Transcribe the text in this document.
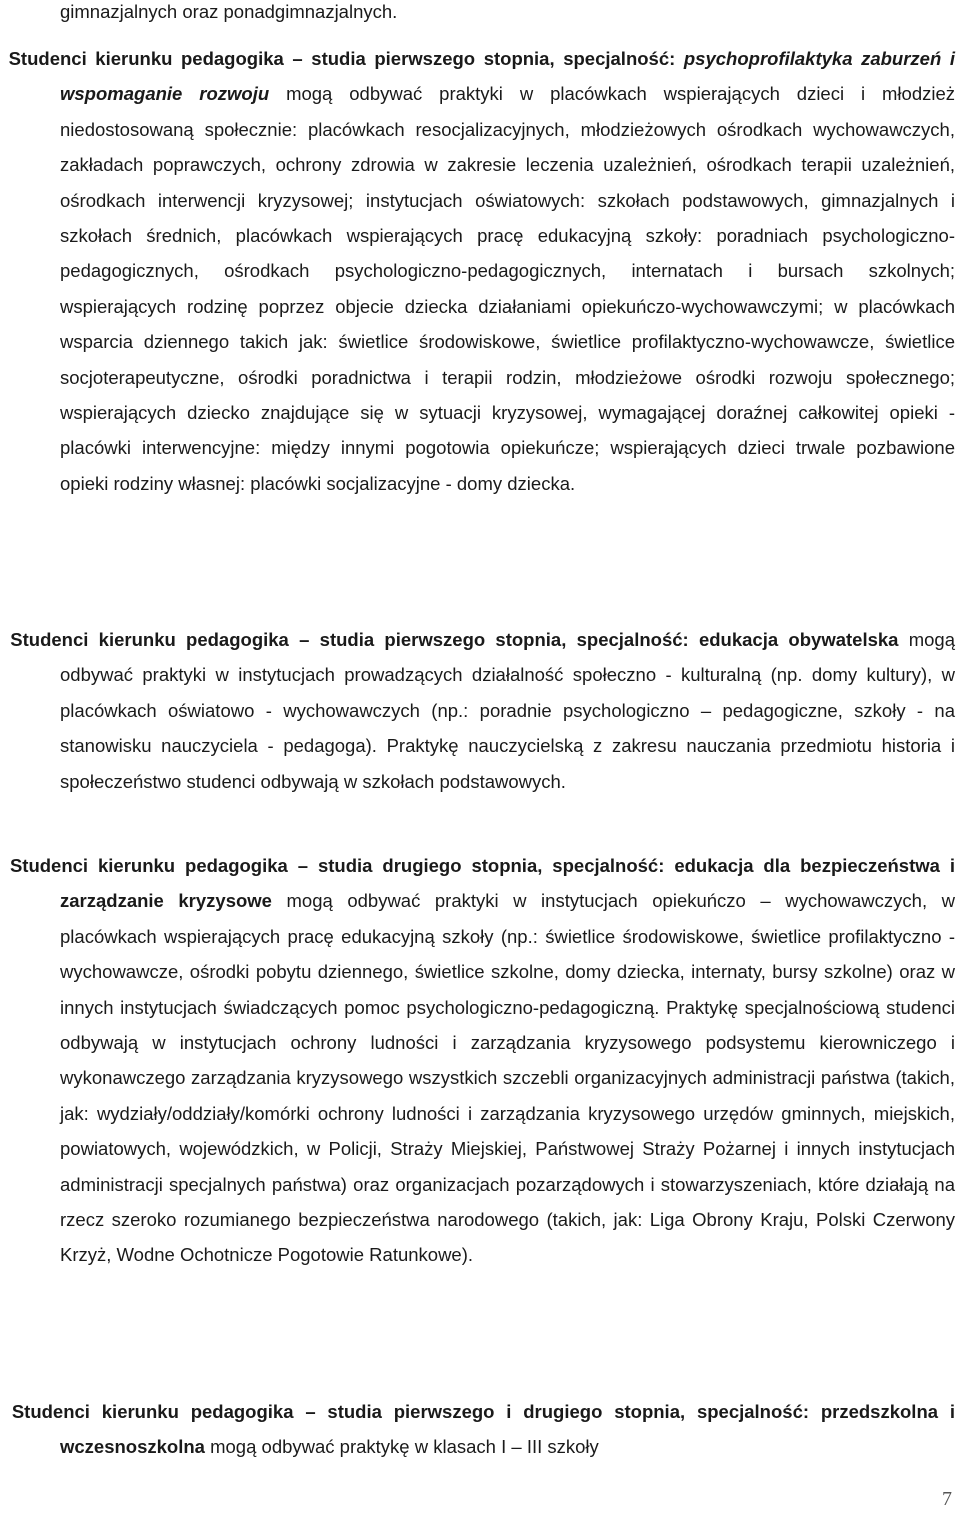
gimnazjalnych oraz ponadgimnazjalnych.

Studenci kierunku pedagogika – studia pierwszego stopnia, specjalność: psychoprofilaktyka zaburzeń i wspomaganie rozwoju mogą odbywać praktyki w placówkach wspierających dzieci i młodzież niedostosowaną społecznie: placówkach resocjalizacyjnych, młodzieżowych ośrodkach wychowawczych, zakładach poprawczych, ochrony zdrowia w zakresie leczenia uzależnień, ośrodkach terapii uzależnień, ośrodkach interwencji kryzysowej; instytucjach oświatowych: szkołach podstawowych, gimnazjalnych i szkołach średnich, placówkach wspierających pracę edukacyjną szkoły: poradniach psychologiczno-pedagogicznych, ośrodkach psychologiczno-pedagogicznych, internatach i bursach szkolnych; wspierających rodzinę poprzez objecie dziecka działaniami opiekuńczo-wychowawczymi; w placówkach wsparcia dziennego takich jak: świetlice środowiskowe, świetlice profilaktyczno-wychowawcze, świetlice socjoterapeutyczne, ośrodki poradnictwa i terapii rodzin, młodzieżowe ośrodki rozwoju społecznego; wspierających dziecko znajdujące się w sytuacji kryzysowej, wymagającej doraźnej całkowitej opieki - placówki interwencyjne: między innymi pogotowia opiekuńcze; wspierających dzieci trwale pozbawione opieki rodziny własnej: placówki socjalizacyjne - domy dziecka.

Studenci kierunku pedagogika – studia pierwszego stopnia, specjalność: edukacja obywatelska mogą odbywać praktyki w instytucjach prowadzących działalność społeczno - kulturalną (np. domy kultury), w placówkach oświatowo - wychowawczych (np.: poradnie psychologiczno – pedagogiczne, szkoły - na stanowisku nauczyciela - pedagoga). Praktykę nauczycielską z zakresu nauczania przedmiotu historia i społeczeństwo studenci odbywają w szkołach podstawowych.

Studenci kierunku pedagogika – studia drugiego stopnia, specjalność: edukacja dla bezpieczeństwa i zarządzanie kryzysowe mogą odbywać praktyki w instytucjach opiekuńczo – wychowawczych, w placówkach wspierających pracę edukacyjną szkoły (np.: świetlice środowiskowe, świetlice profilaktyczno - wychowawcze, ośrodki pobytu dziennego, świetlice szkolne, domy dziecka, internaty, bursy szkolne) oraz w innych instytucjach świadczących pomoc psychologiczno-pedagogiczną. Praktykę specjalnościową studenci odbywają w instytucjach ochrony ludności i zarządzania kryzysowego podsystemu kierowniczego i wykonawczego zarządzania kryzysowego wszystkich szczebli organizacyjnych administracji państwa (takich, jak: wydziały/oddziały/komórki ochrony ludności i zarządzania kryzysowego urzędów gminnych, miejskich, powiatowych, wojewódzkich, w Policji, Straży Miejskiej, Państwowej Straży Pożarnej i innych instytucjach administracji specjalnych państwa) oraz organizacjach pozarządowych i stowarzyszeniach, które działają na rzecz szeroko rozumianego bezpieczeństwa narodowego (takich, jak: Liga Obrony Kraju, Polski Czerwony Krzyż, Wodne Ochotnicze Pogotowie Ratunkowe).

Studenci kierunku pedagogika – studia pierwszego i drugiego stopnia, specjalność: przedszkolna i wczesnoszkolna mogą odbywać praktykę w klasach I – III szkoły

7
